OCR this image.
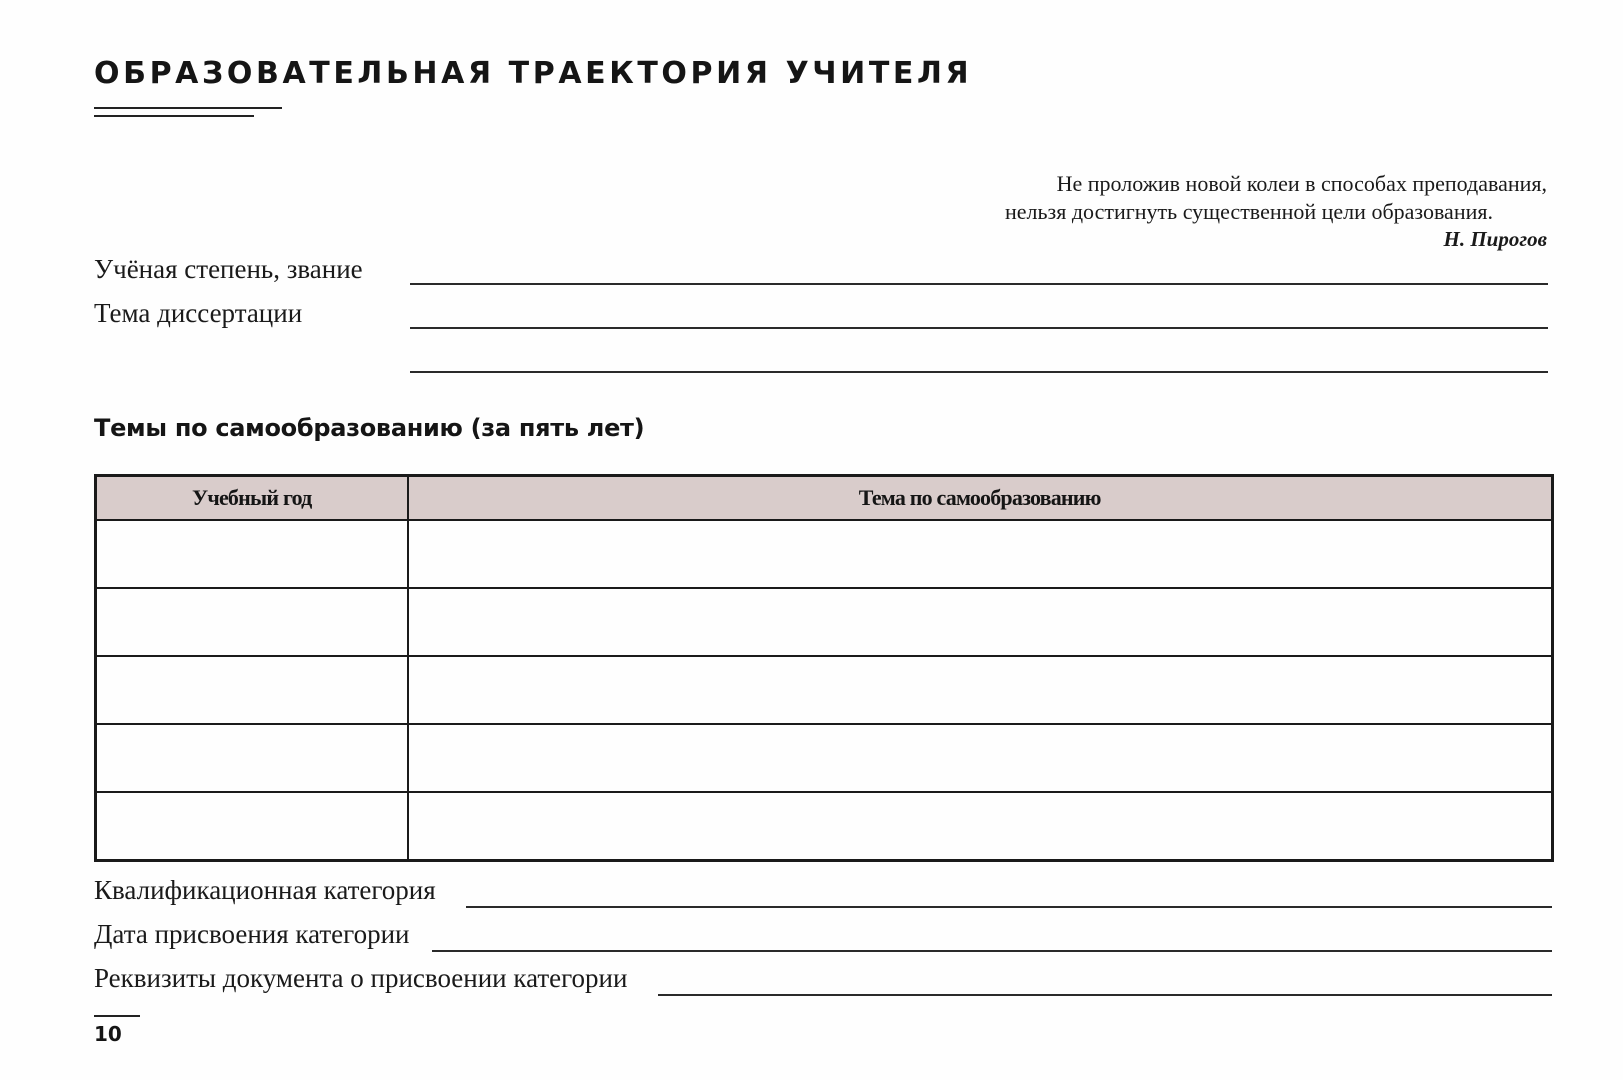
ОБРАЗОВАТЕЛЬНАЯ ТРАЕКТОРИЯ УЧИТЕЛЯ
Не проложив новой колеи в способах преподавания,

нельзя достигнуть существенной цели образования.
Н. Пирогов
Учёная степень, звание
Тема диссертации
Темы по самообразованию (за пять лет)
Учебный год	Тема по самообразованию

Квалификационная категория
Дата присвоения категории
Реквизиты документа о присвоении категории
10
